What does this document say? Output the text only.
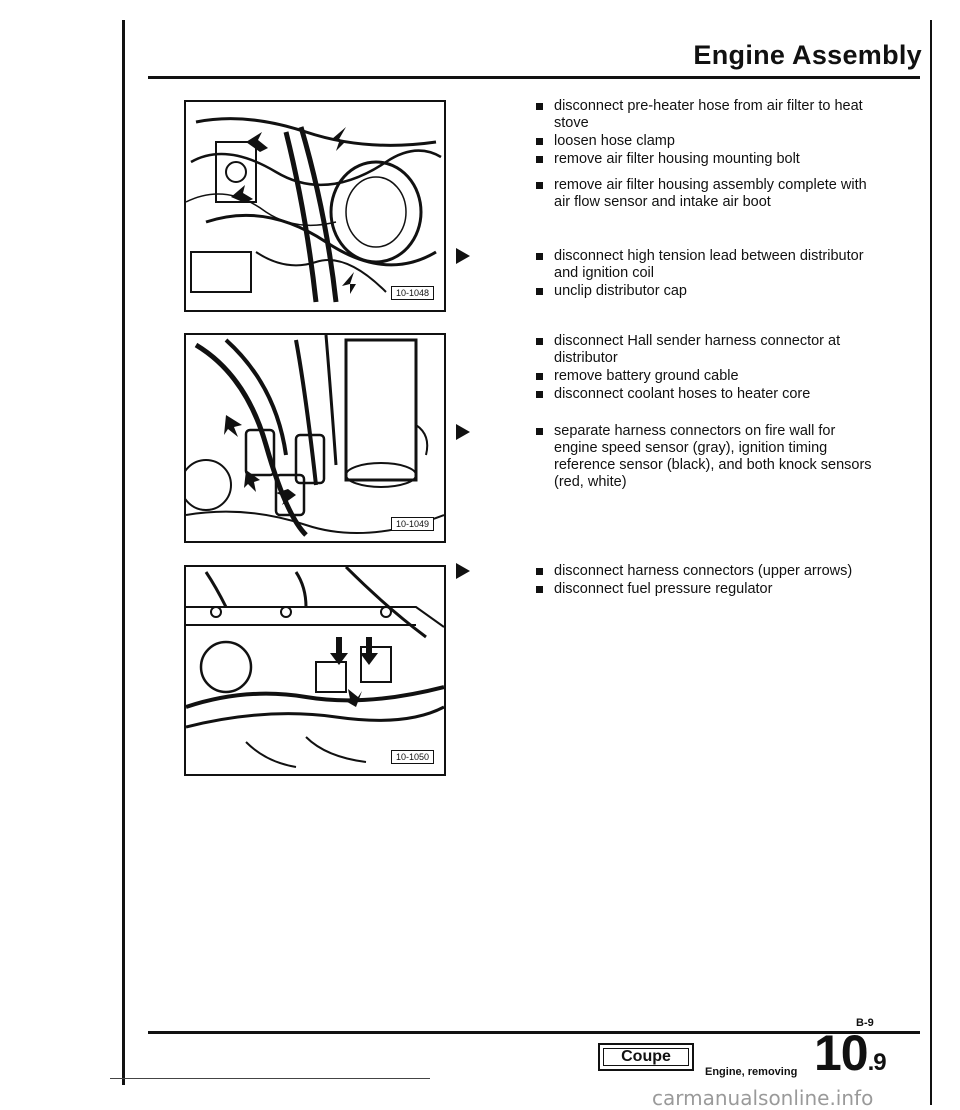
Engine Assembly
10-1048
10-1049
10-1050
disconnect pre-heater hose from air filter to heat stove
loosen hose clamp
remove air filter housing mounting bolt
remove air filter housing assembly complete with air flow sensor and intake air boot
disconnect high tension lead between distributor and ignition coil
unclip distributor cap
disconnect Hall sender harness connector at distributor
remove battery ground cable
disconnect coolant hoses to heater core
separate harness connectors on fire wall for engine speed sensor (gray), ignition timing reference sensor (black), and both knock sensors (red, white)
disconnect harness connectors (upper arrows)
disconnect fuel pressure regulator
B-9
Coupe
Engine, removing 10.9
carmanualsonline.info
